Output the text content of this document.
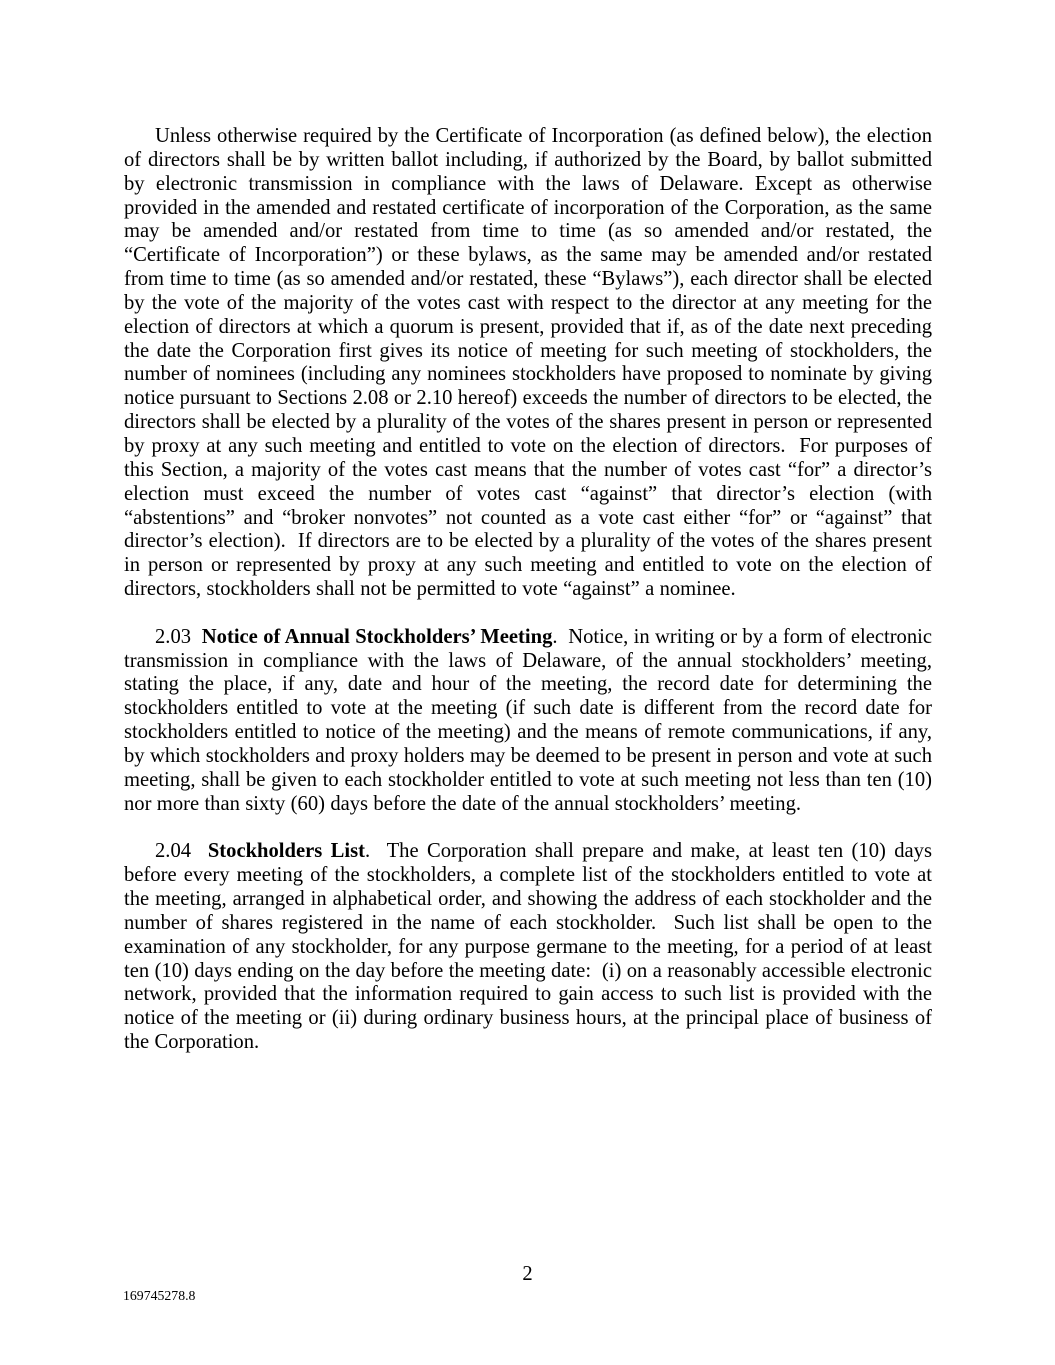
Unless otherwise required by the Certificate of Incorporation (as defined below), the election of directors shall be by written ballot including, if authorized by the Board, by ballot submitted by electronic transmission in compliance with the laws of Delaware. Except as otherwise provided in the amended and restated certificate of incorporation of the Corporation, as the same may be amended and/or restated from time to time (as so amended and/or restated, the “Certificate of Incorporation”) or these bylaws, as the same may be amended and/or restated from time to time (as so amended and/or restated, these “Bylaws”), each director shall be elected by the vote of the majority of the votes cast with respect to the director at any meeting for the election of directors at which a quorum is present, provided that if, as of the date next preceding the date the Corporation first gives its notice of meeting for such meeting of stockholders, the number of nominees (including any nominees stockholders have proposed to nominate by giving notice pursuant to Sections 2.08 or 2.10 hereof) exceeds the number of directors to be elected, the directors shall be elected by a plurality of the votes of the shares present in person or represented by proxy at any such meeting and entitled to vote on the election of directors.  For purposes of this Section, a majority of the votes cast means that the number of votes cast “for” a director’s election must exceed the number of votes cast “against” that director’s election (with “abstentions” and “broker nonvotes” not counted as a vote cast either “for” or “against” that director’s election).  If directors are to be elected by a plurality of the votes of the shares present in person or represented by proxy at any such meeting and entitled to vote on the election of directors, stockholders shall not be permitted to vote “against” a nominee.

2.03 Notice of Annual Stockholders’ Meeting.  Notice, in writing or by a form of electronic transmission in compliance with the laws of Delaware, of the annual stockholders’ meeting, stating the place, if any, date and hour of the meeting, the record date for determining the stockholders entitled to vote at the meeting (if such date is different from the record date for stockholders entitled to notice of the meeting) and the means of remote communications, if any, by which stockholders and proxy holders may be deemed to be present in person and vote at such meeting, shall be given to each stockholder entitled to vote at such meeting not less than ten (10) nor more than sixty (60) days before the date of the annual stockholders’ meeting.

2.04 Stockholders List.  The Corporation shall prepare and make, at least ten (10) days before every meeting of the stockholders, a complete list of the stockholders entitled to vote at the meeting, arranged in alphabetical order, and showing the address of each stockholder and the number of shares registered in the name of each stockholder.  Such list shall be open to the examination of any stockholder, for any purpose germane to the meeting, for a period of at least ten (10) days ending on the day before the meeting date:  (i) on a reasonably accessible electronic network, provided that the information required to gain access to such list is provided with the notice of the meeting or (ii) during ordinary business hours, at the principal place of business of the Corporation.

2
169745278.8
